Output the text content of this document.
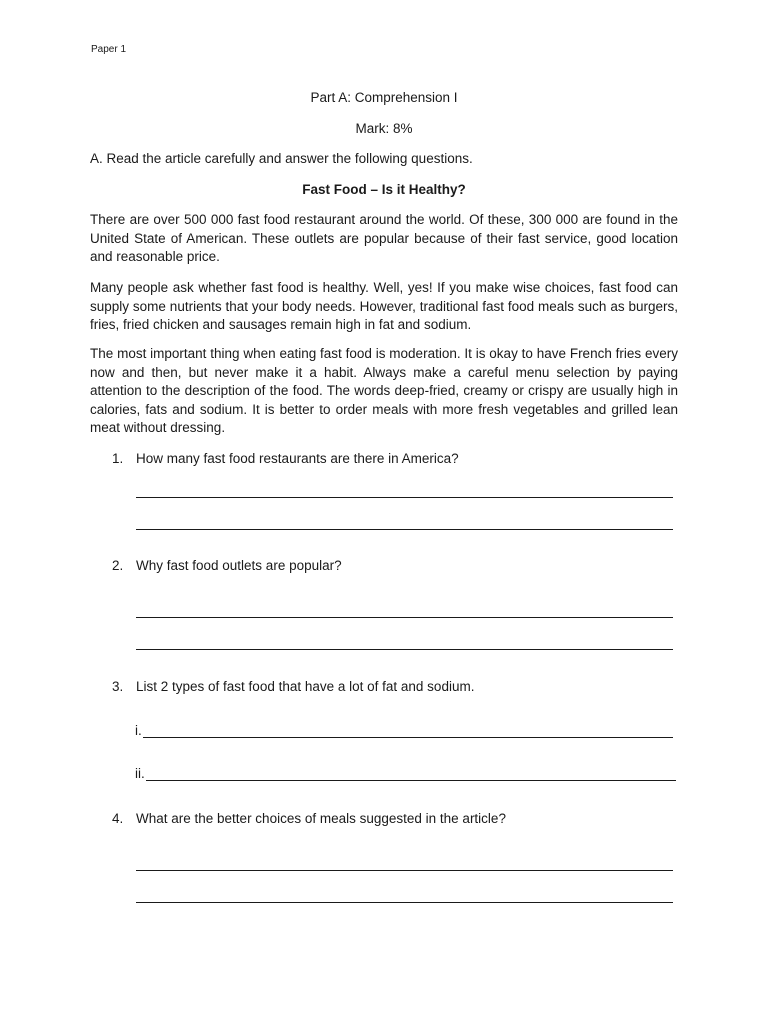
Paper 1
Part A: Comprehension I
Mark: 8%
A. Read the article carefully and answer the following questions.
Fast Food – Is it Healthy?

There are over 500 000 fast food restaurant around the world. Of these, 300 000 are found in the United State of American. These outlets are popular because of their fast service, good location and reasonable price.

Many people ask whether fast food is healthy. Well, yes! If you make wise choices, fast food can supply some nutrients that your body needs. However, traditional fast food meals such as burgers, fries, fried chicken and sausages remain high in fat and sodium.

The most important thing when eating fast food is moderation. It is okay to have French fries every now and then, but never make it a habit. Always make a careful menu selection by paying attention to the description of the food. The words deep-fried, creamy or crispy are usually high in calories, fats and sodium. It is better to order meals with more fresh vegetables and grilled lean meat without dressing.

1. How many fast food restaurants are there in America?
2. Why fast food outlets are popular?
3. List 2 types of fast food that have a lot of fat and sodium.
i.
ii.
4. What are the better choices of meals suggested in the article?
